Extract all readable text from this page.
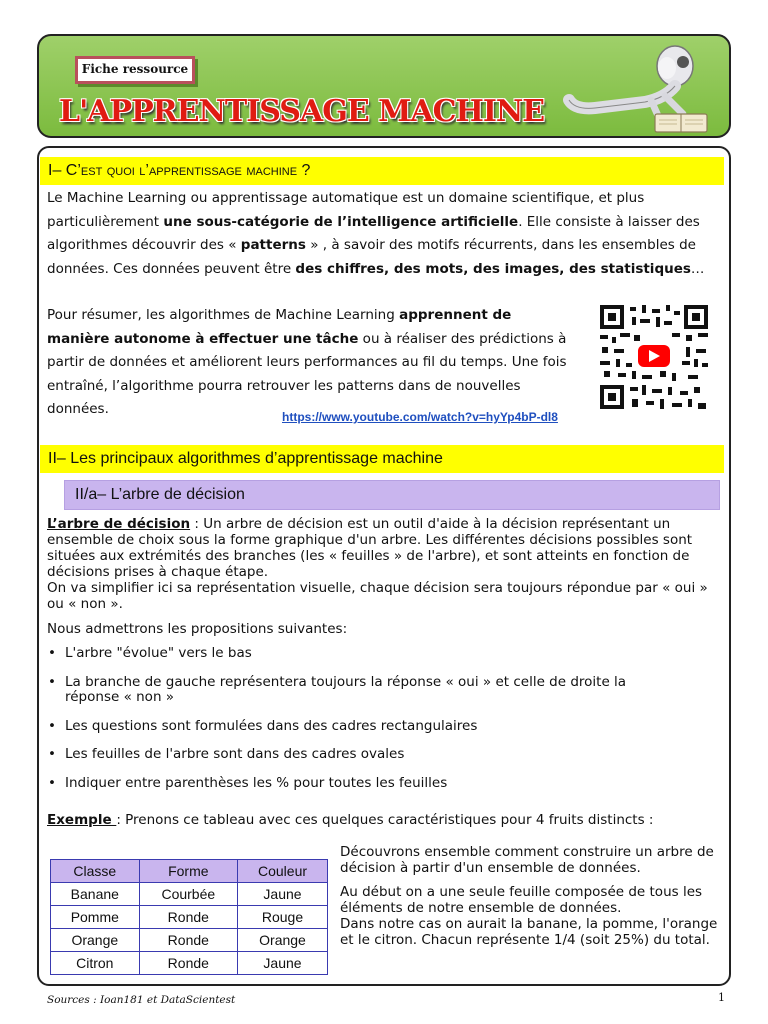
Fiche ressource
L'APPRENTISSAGE MACHINE
I– C’est quoi l’apprentissage machine ?

Le Machine Learning ou apprentissage automatique est un domaine scientifique, et plus particulièrement une sous-catégorie de l’intelligence artificielle. Elle consiste à laisser des algorithmes découvrir des « patterns » , à savoir des motifs récurrents, dans les ensembles de données. Ces données peuvent être des chiffres, des mots, des images, des statistiques…

Pour résumer, les algorithmes de Machine Learning apprennent de manière autonome à effectuer une tâche ou à réaliser des prédictions à partir de données et améliorent leurs performances au fil du temps. Une fois entraîné, l’algorithme pourra retrouver les patterns dans de nouvelles données.	https://www.youtube.com/watch?v=hyYp4bP-dl8
II– Les principaux algorithmes d’apprentissage machine
II/a– L’arbre de décision

L’arbre de décision : Un arbre de décision est un outil d'aide à la décision représentant un ensemble de choix sous la forme graphique d'un arbre. Les différentes décisions possibles sont situées aux extrémités des branches (les « feuilles » de l'arbre), et sont atteints en fonction de décisions prises à chaque étape.
On va simplifier ici sa représentation visuelle, chaque décision sera toujours répondue par « oui » ou « non ».

Nous admettrons les propositions suivantes:

• L'arbre "évolue" vers le bas
• La branche de gauche représentera toujours la réponse « oui » et celle de droite la réponse « non »
• Les questions sont formulées dans des cadres rectangulaires
• Les feuilles de l'arbre sont dans des cadres ovales
• Indiquer entre parenthèses les % pour toutes les feuilles

Exemple : Prenons ce tableau avec ces quelques caractéristiques pour 4 fruits distincts :

Découvrons ensemble comment construire un arbre de décision à partir d'un ensemble de données.

Au début on a une seule feuille composée de tous les éléments de notre ensemble de données.
Dans notre cas on aurait la banane, la pomme, l'orange et le citron. Chacun représente 1/4 (soit 25%) du total.

Classe	Forme	Couleur
Banane	Courbée	Jaune
Pomme	Ronde	Rouge
Orange	Ronde	Orange
Citron	Ronde	Jaune
Sources : Ioan181 et DataScientest	1
